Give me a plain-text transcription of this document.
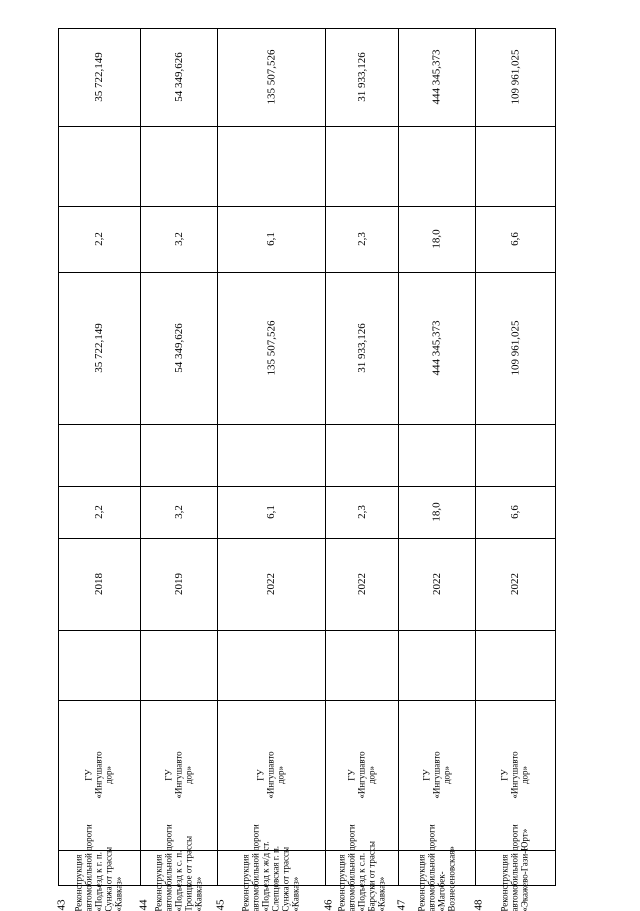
35 722,149
2,2
35 722,149
2,2
2018
ГУ «Ингушавто дор»
Реконструкция автомобильной дороги «Подъезд к г. п. Сунжа от трассы «Кавказ»
43
54 349,626
3,2
54 349,626
3,2
2019
ГУ «Ингушавто дор»
Реконструкция автомобильной дороги «Подъезд к с. п. Троицкое от трассы «Кавказ»
44
135 507,526
6,1
135 507,526
6,1
2022
ГУ «Ингушавто дор»
Реконструкция автомобильной дороги «Подъезд к ж/д ст. Слепцовская г. п. Сунжа от трассы «Кавказ»
45
31 933,126
2,3
31 933,126
2,3
2022
ГУ «Ингушавто дор»
Реконструкция автомобильной дороги «Подъезд к с.п. Барсуки от трассы «Кавказ»
46
444 345,373
18,0
444 345,373
18,0
2022
ГУ «Ингушавто дор»
Реконструкция автомобильной дороги «Магобек- Вознесеновская»
47
109 961,025
6,6
109 961,025
6,6
2022
ГУ «Ингушавто дор»
Реконструкция автомобильной дороги «Экажево-Гази-Юрт»
48
